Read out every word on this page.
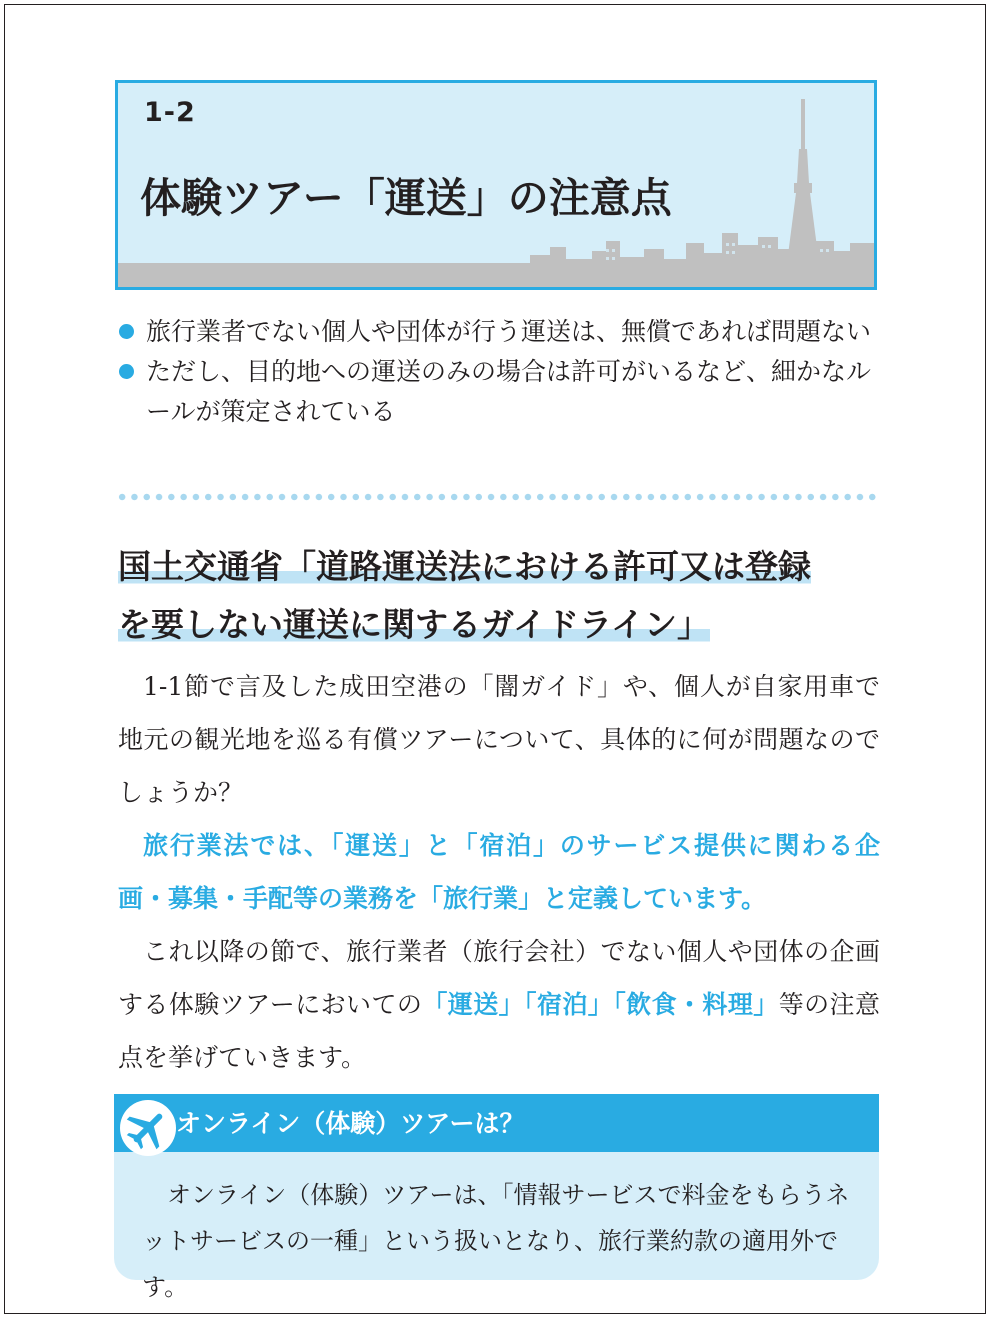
1-2
体験ツアー「運送」の注意点
旅行業者でない個人や団体が行う運送は、無償であれば問題ない
ただし、目的地への運送のみの場合は許可がいるなど、細かなルールが策定されている
国土交通省「道路運送法における許可又は登録
を要しない運送に関するガイドライン」

1-1節で言及した成田空港の「闇ガイド」や、個人が自家用車で地元の観光地を巡る有償ツアーについて、具体的に何が問題なのでしょうか？

旅行業法では、「運送」と「宿泊」のサービス提供に関わる企画・募集・手配等の業務を「旅行業」と定義しています。

これ以降の節で、旅行業者（旅行会社）でない個人や団体の企画する体験ツアーにおいての「運送」「宿泊」「飲食・料理」等の注意点を挙げていきます。

オンライン（体験）ツアーは？
オンライン（体験）ツアーは、「情報サービスで料金をもらうネットサービスの一種」という扱いとなり、旅行業約款の適用外です。
